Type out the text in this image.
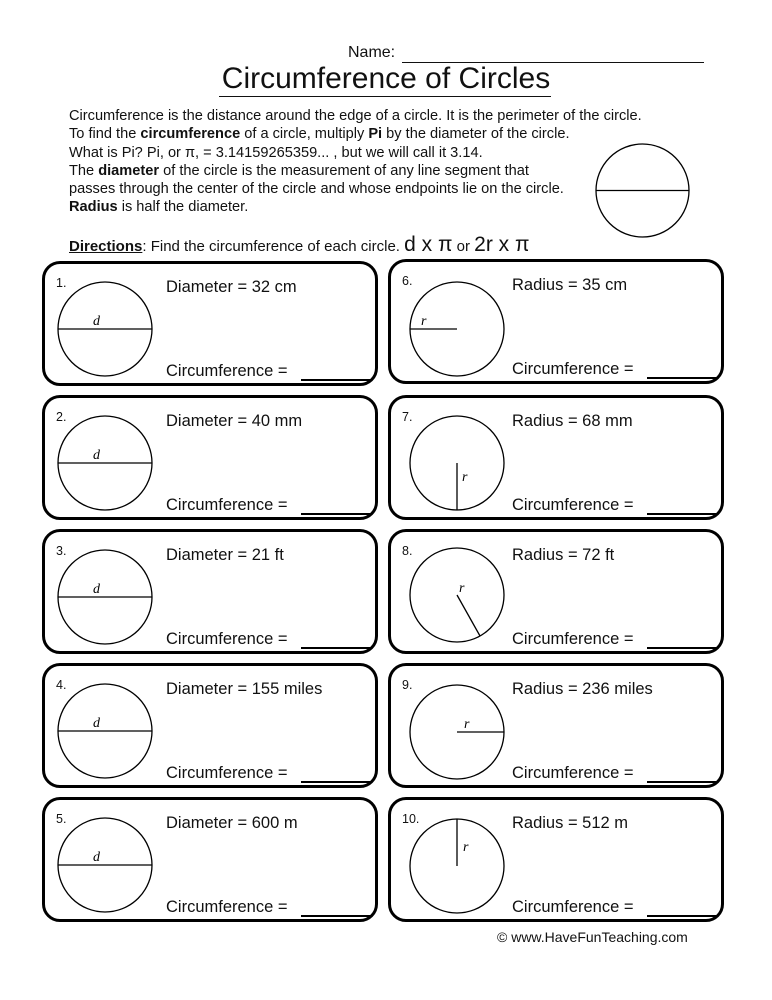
Name:
Circumference of Circles

Circumference is the distance around the edge of a circle. It is the perimeter of the circle.

To find the circumference of a circle, multiply Pi by the diameter of the circle.

What is Pi? Pi, or π, = 3.14159265359... , but we will call it 3.14.

The diameter of the circle is the measurement of any line segment that

passes through the center of the circle and whose endpoints lie on the circle.

Radius is half the diameter.

Directions: Find the circumference of each circle. d x π or 2r x π
1.
d
Diameter = 32 cm
Circumference =
2.
d
Diameter = 40 mm
Circumference =
3.
d
Diameter = 21 ft
Circumference =
4.
d
Diameter = 155 miles
Circumference =
5.
d
Diameter = 600 m
Circumference =
6.
r
Radius = 35 cm
Circumference =
7.
r
Radius = 68 mm
Circumference =
8.
r
Radius = 72 ft
Circumference =
9.
r
Radius = 236 miles
Circumference =
10.
r
Radius = 512 m
Circumference =
© www.HaveFunTeaching.com
